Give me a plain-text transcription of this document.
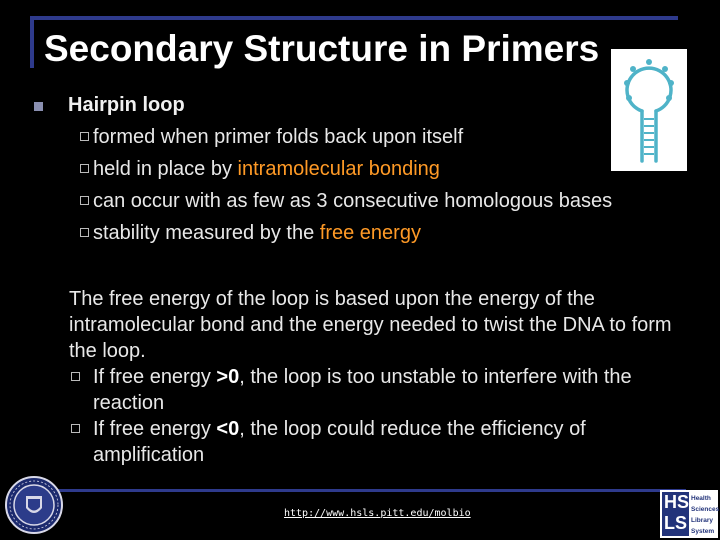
Secondary Structure in Primers
Hairpin loop
formed when primer folds back upon itself
held in place by intramolecular bonding
can occur with as few as 3 consecutive homologous bases
stability measured by the free energy
The free energy of the loop is based upon the energy of the intramolecular bond and the energy needed to twist the DNA to form the loop.
If free energy >0, the loop is too unstable to interfere with the reaction
If free energy <0, the loop could reduce the efficiency of amplification
http://www.hsls.pitt.edu/molbio
HS
LS
Health
Sciences
Library
System
